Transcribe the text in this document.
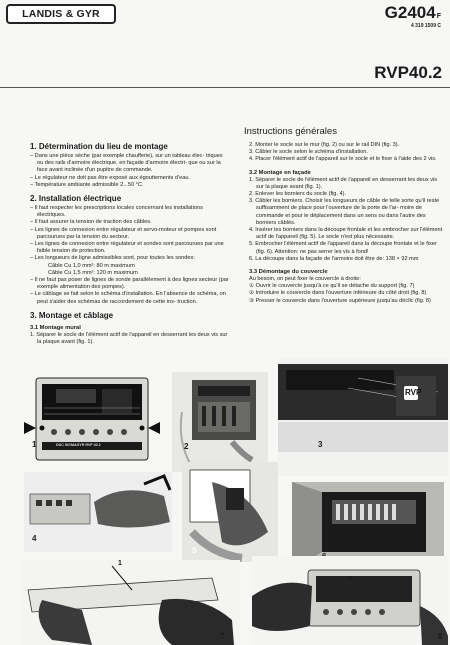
LANDIS & GYR	G2404F
4 319 1509 C
RVP40.2
Instructions générales
1. Détermination du lieu de montage
– Dans une pièce sèche (par exemple chaufferie), sur un tableau élec- triques ou des rails d'armoire électrique, en façade d'armoire électri- que ou sur la face avant inclinée d'un pupitre de commande.
– Le régulateur ne doit pas être exposé aux égouttements d'eau.
– Température ambiante admissible 2...50 °C.
2. Installation électrique
– Il faut respecter les prescriptions locales concernant les installations électriques.
– Il faut assurer la tension de traction des câbles.
– Les lignes de connexion entre régulateur et servo-moteur et pompes sont parcourues par la tension du secteur.
– Les lignes de connexion entre régulateur et sondes sont parcourues par une faible tension de protection.
– Les longueurs de ligne admissibles sont, pour toutes les sondes:
Câble Cu 1,0 mm²: 80 m maximum
Câble Cu 1,5 mm²: 120 m maximum
– Il ne faut pas poser de lignes de sonde parallèlement à des lignes secteur (par exemple alimentation des pompes).
– Le câblage se fait selon le schéma d'installation. En l'absence de schéma, on peut s'aider des schémas de raccordement de cette ins- truction.
3. Montage et câblage
3.1 Montage mural
1. Séparer le socle de l'élément actif de l'appareil en desserrant les deux vis sur la plaque avant (fig. 1).
2. Monter le socle sur le mur (fig. 2) ou sur le rail DIN (fig. 3).
3. Câbler le socle selon le schéma d'installation.
4. Placer l'élément actif de l'appareil sur le socle et le fixer à l'aide des 2 vis.
3.2 Montage en façade
1. Séparer le socle de l'élément actif de l'appareil en desserrant les deux vis sur la plaque avant (fig. 1).
2. Enlever les borniers du socle (fig. 4).
3. Câbler les borniers. Choisir les longueurs de câble de telle sorte qu'il reste suffisamment de place pour l'ouverture de la porte de l'ar- moire de commande et pour le déplacement dans un sens ou dans l'autre des borniers câblés.
4. Insérer les borniers dans la découpe frontale et les embrocher sur l'élément actif de l'appareil (fig. 5). Le socle n'est plus nécessaire.
5. Embrocher l'élément actif de l'appareil dans la découpe frontale et le fixer (fig. 6). Attention: ne pas serrer les vis à fond!
6. La découpe dans la façade de l'armoire doit être de: 138 × 92 mm
3.3 Démontage du couvercle
Au besoin, on peut fixer le couvercle à droite:
① Ouvrir le couvercle jusqu'à ce qu'il se détache du support (fig. 7)
② Introduire le couvercle dans l'ouverture inférieure du côté droit (fig. 8)
③ Presser le couvercle dans l'ouverture supérieure jusqu'au déclic (fig. 8)
DDC SIGMAGYR RVP 40.2
1	2
RVP
3
4
5
1
7
3
8
